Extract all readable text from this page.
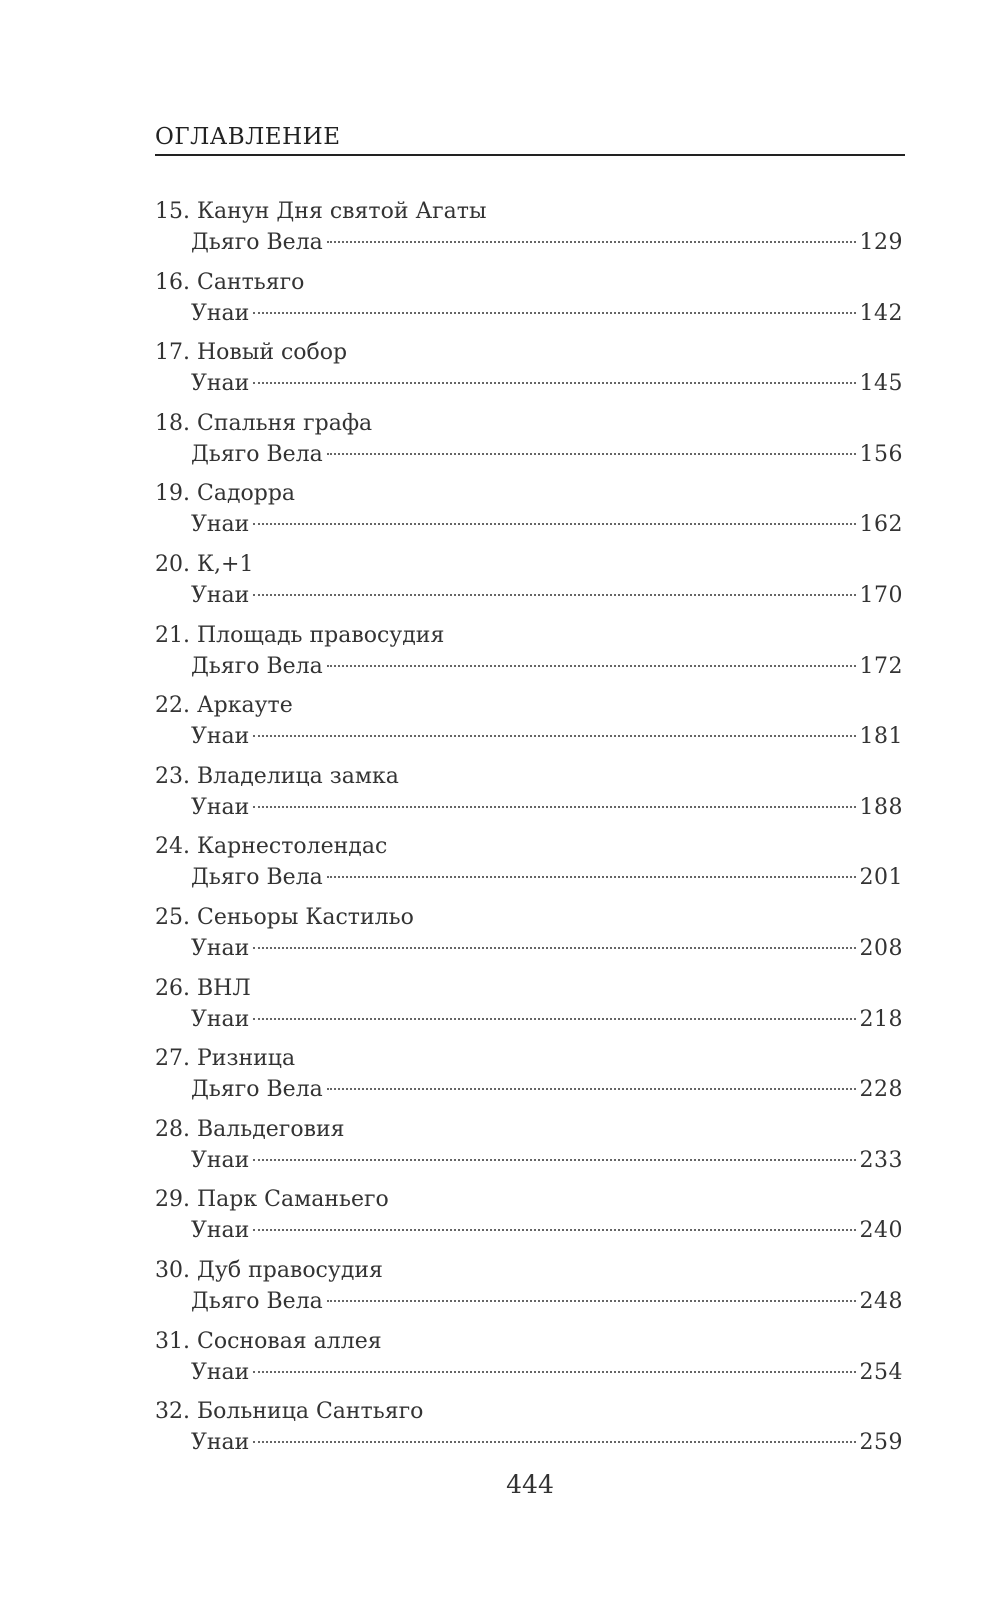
ОГЛАВЛЕНИЕ
15. Канун Дня святой Агаты
Дьяго Вела	129
16. Сантьяго
Унаи	142
17. Новый собор
Унаи	145
18. Спальня графа
Дьяго Вела	156
19. Садорра
Унаи	162
20. К,+1
Унаи	170
21. Площадь правосудия
Дьяго Вела	172
22. Аркауте
Унаи	181
23. Владелица замка
Унаи	188
24. Карнестолендас
Дьяго Вела	201
25. Сеньоры Кастильо
Унаи	208
26. ВНЛ
Унаи	218
27. Ризница
Дьяго Вела	228
28. Вальдеговия
Унаи	233
29. Парк Саманьего
Унаи	240
30. Дуб правосудия
Дьяго Вела	248
31. Сосновая аллея
Унаи	254
32. Больница Сантьяго
Унаи	259
444
